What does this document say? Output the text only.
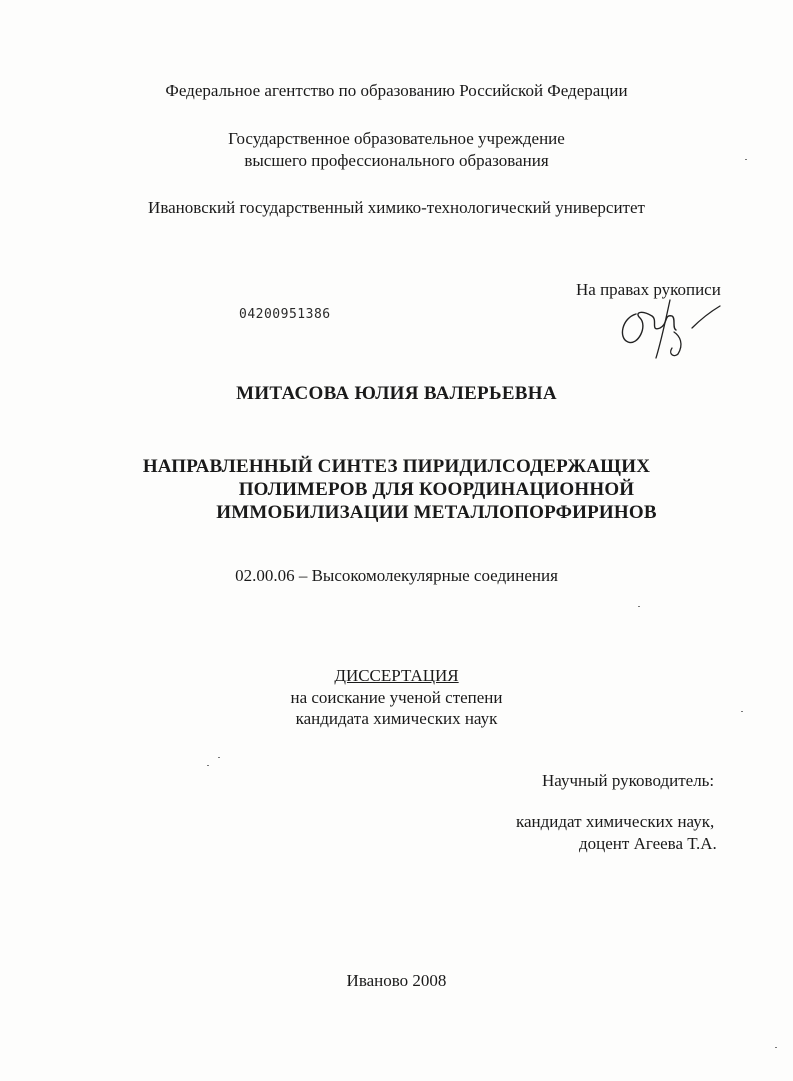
Федеральное агентство по образованию Российской Федерации
Государственное образовательное учреждение
высшего профессионального образования
Ивановский государственный химико-технологический университет
На правах рукописи
04200951386
МИТАСОВА ЮЛИЯ ВАЛЕРЬЕВНА
НАПРАВЛЕННЫЙ СИНТЕЗ ПИРИДИЛСОДЕРЖАЩИХ
ПОЛИМЕРОВ ДЛЯ КООРДИНАЦИОННОЙ
ИММОБИЛИЗАЦИИ МЕТАЛЛОПОРФИРИНОВ
02.00.06 – Высокомолекулярные соединения
ДИССЕРТАЦИЯ
на соискание ученой степени
кандидата химических наук
Научный руководитель:
кандидат химических наук,
доцент Агеева Т.А.
Иваново 2008
